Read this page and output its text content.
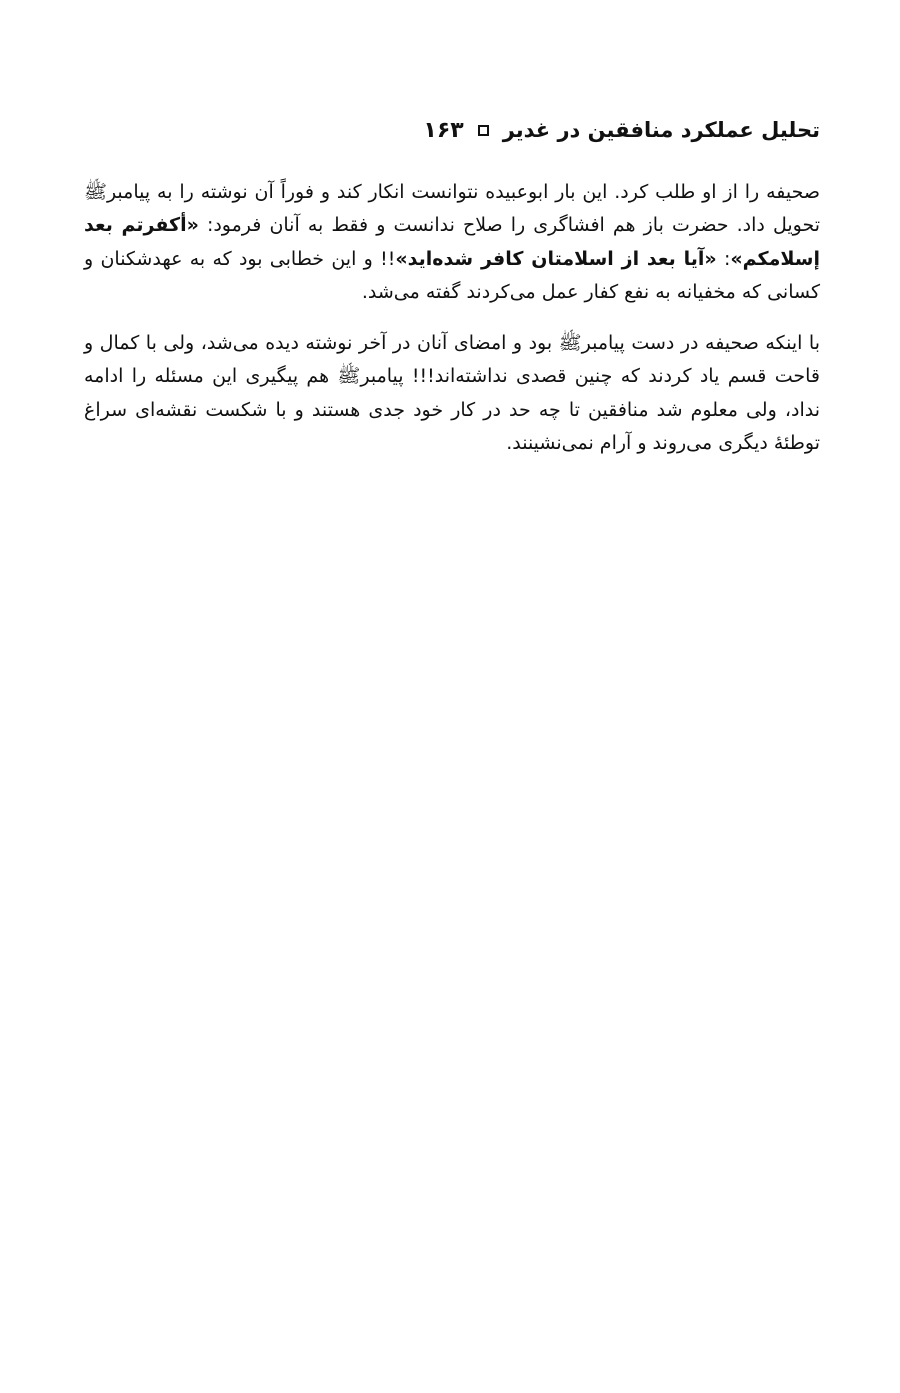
تحلیل عملکرد منافقین در غدیر
۱۶۳

صحیفه را از او طلب کرد. این بار ابوعبیده نتوانست انکار کند و فوراً آن نوشته را به پیامبرﷺ تحویل داد. حضرت باز هم افشاگری را صلاح ندانست و فقط به آنان فرمود: «أكفرتم بعد إسلامكم»: «آیا بعد از اسلامتان کافر شده‌اید»!! و این خطابی بود که به عهدشکنان و کسانی که مخفیانه به نفع کفار عمل می‌کردند گفته می‌شد.

با اینکه صحیفه در دست پیامبرﷺ بود و امضای آنان در آخر نوشته دیده می‌شد، ولی با کمال و قاحت قسم یاد کردند که چنین قصدی نداشته‌اند!!! پیامبرﷺ هم پیگیری این مسئله را ادامه نداد، ولی معلوم شد منافقین تا چه حد در کار خود جدی هستند و با شکست نقشه‌ای سراغ توطئهٔ دیگری می‌روند و آرام نمی‌نشینند.
